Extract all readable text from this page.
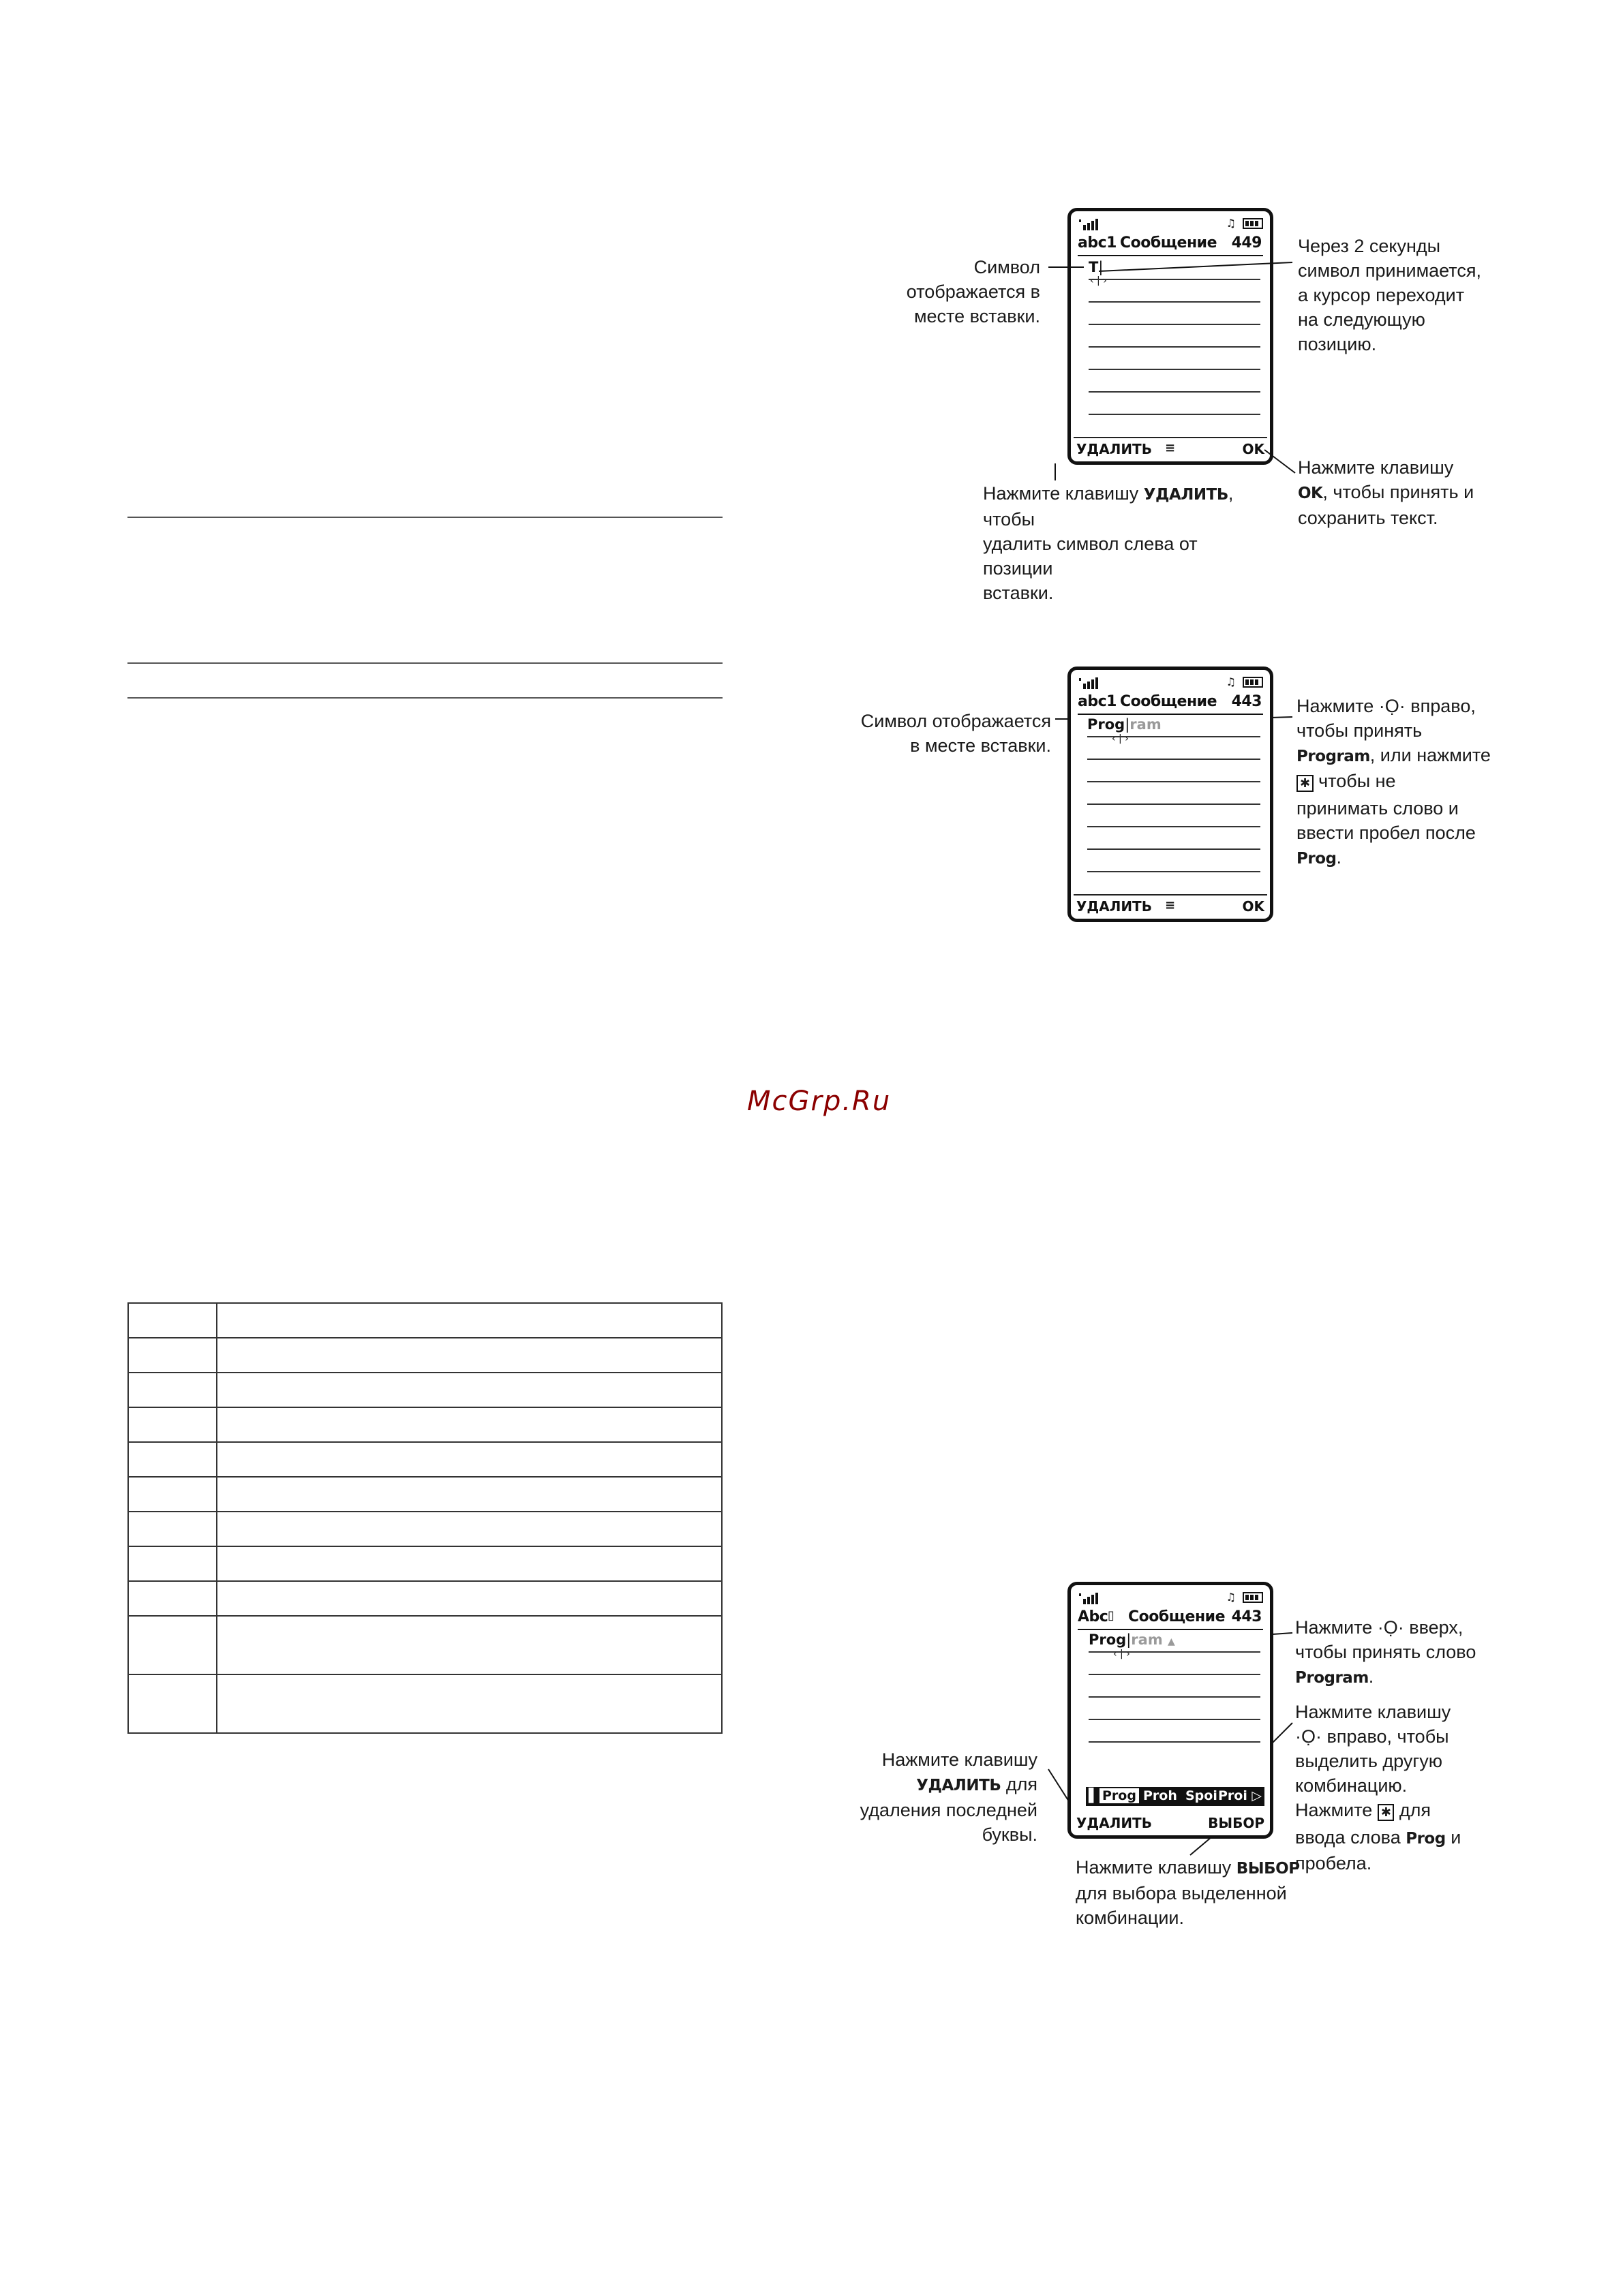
McGrp.Ru
♫
abc1 Сообщение 449
T|
‹ | ›
УДАЛИТЬ ≡	OK
Символ
отображается в
месте вставки.
Через 2 секунды
символ принимается,
а курсор переходит
на следующую
позицию.
Нажмите клавишу
OK, чтобы принять и
сохранить текст.
Нажмите клавишу УДАЛИТЬ, чтобы
удалить символ слева от позиции
вставки.
♫
abc1 Сообщение 443
Prog|ram
‹ | ›
УДАЛИТЬ ≡	OK
Символ отображается
в месте вставки.
Нажмите ·Ọ· вправо,
чтобы принять
Program, или нажмите
✱ чтобы не
принимать слово и
ввести пробел после
Prog.

♫
Abc ▯ Сообщение 443
Prog|ram ▲
‹ | ›
▌ Prog Proh Spoi Proi ▷
УДАЛИТЬ	ВЫБОР
Нажмите ·Ọ· вверх,
чтобы принять слово
Program.
Нажмите клавишу
·Ọ· вправо, чтобы
выделить другую
комбинацию.
Нажмите ✱ для
ввода слова Prog и
пробела.
Нажмите клавишу
УДАЛИТЬ для
удаления последней
буквы.
Нажмите клавишу ВЫБОР
для выбора выделенной
комбинации.
